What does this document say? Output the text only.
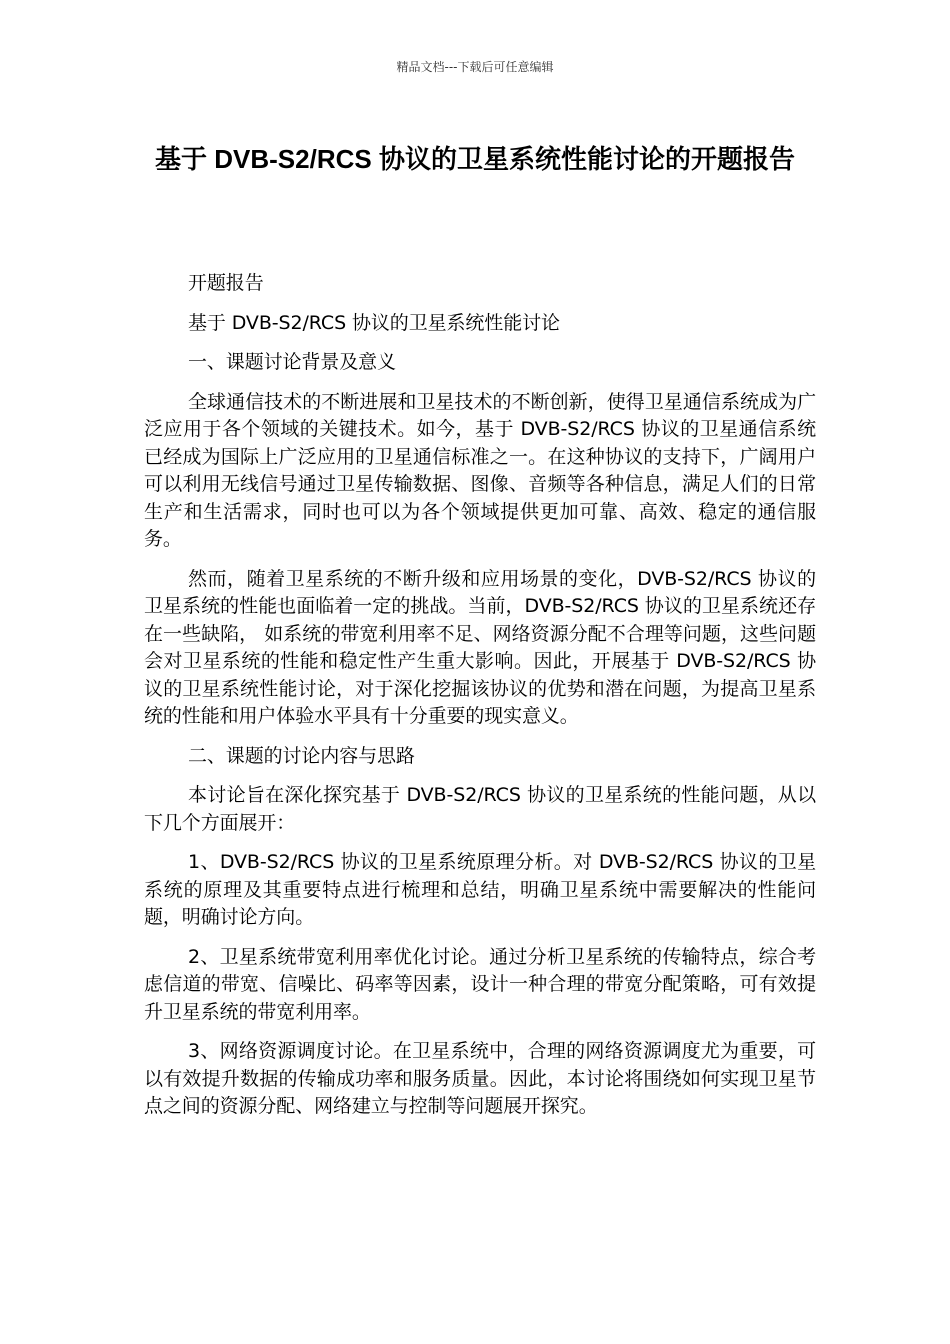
精品文档---下载后可任意编辑
基于 DVB-S2/RCS 协议的卫星系统性能讨论的开题报告

开题报告

基于 DVB-S2/RCS 协议的卫星系统性能讨论

一、课题讨论背景及意义

全球通信技术的不断进展和卫星技术的不断创新，使得卫星通信系统成为广泛应用于各个领域的关键技术。如今，基于 DVB-S2/RCS 协议的卫星通信系统已经成为国际上广泛应用的卫星通信标准之一。在这种协议的支持下，广阔用户可以利用无线信号通过卫星传输数据、图像、音频等各种信息，满足人们的日常生产和生活需求，同时也可以为各个领域提供更加可靠、高效、稳定的通信服务。

然而，随着卫星系统的不断升级和应用场景的变化，DVB-S2/RCS 协议的卫星系统的性能也面临着一定的挑战。当前，DVB-S2/RCS 协议的卫星系统还存在一些缺陷， 如系统的带宽利用率不足、网络资源分配不合理等问题，这些问题会对卫星系统的性能和稳定性产生重大影响。因此，开展基于 DVB-S2/RCS 协议的卫星系统性能讨论，对于深化挖掘该协议的优势和潜在问题，为提高卫星系统的性能和用户体验水平具有十分重要的现实意义。

二、课题的讨论内容与思路

本讨论旨在深化探究基于 DVB-S2/RCS 协议的卫星系统的性能问题，从以下几个方面展开：

1、DVB-S2/RCS 协议的卫星系统原理分析。对 DVB-S2/RCS 协议的卫星系统的原理及其重要特点进行梳理和总结，明确卫星系统中需要解决的性能问题，明确讨论方向。

2、卫星系统带宽利用率优化讨论。通过分析卫星系统的传输特点，综合考虑信道的带宽、信噪比、码率等因素，设计一种合理的带宽分配策略，可有效提升卫星系统的带宽利用率。

3、网络资源调度讨论。在卫星系统中，合理的网络资源调度尤为重要，可以有效提升数据的传输成功率和服务质量。因此，本讨论将围绕如何实现卫星节点之间的资源分配、网络建立与控制等问题展开探究。
